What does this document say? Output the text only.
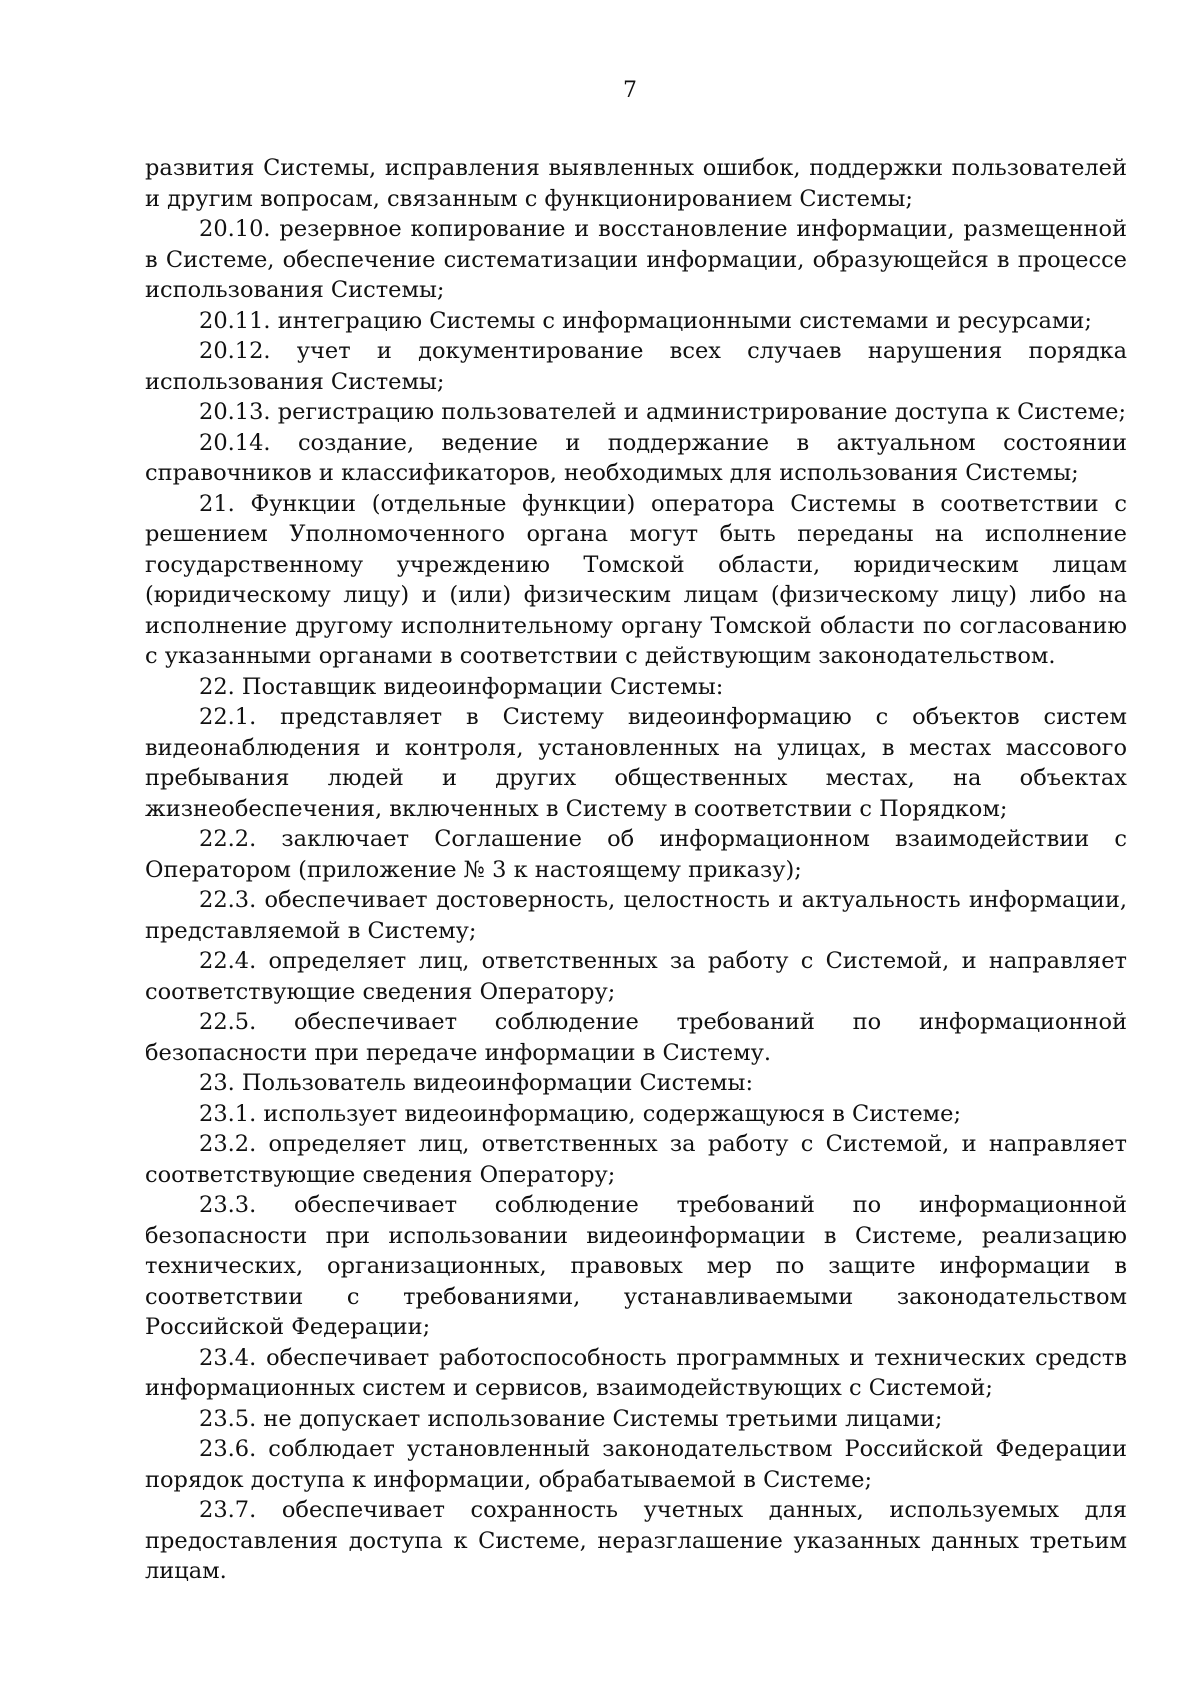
7

развития Системы, исправления выявленных ошибок, поддержки пользователей и другим вопросам, связанным с функционированием Системы;

20.10. резервное копирование и восстановление информации, размещенной в Системе, обеспечение систематизации информации, образующейся в процессе использования Системы;

20.11. интеграцию Системы с информационными системами и ресурсами;

20.12. учет и документирование всех случаев нарушения порядка использования Системы;

20.13. регистрацию пользователей и администрирование доступа к Системе;

20.14. создание, ведение и поддержание в актуальном состоянии справочников и классификаторов, необходимых для использования Системы;

21. Функции (отдельные функции) оператора Системы в соответствии с решением Уполномоченного органа могут быть переданы на исполнение государственному учреждению Томской области, юридическим лицам (юридическому лицу) и (или) физическим лицам (физическому лицу) либо на исполнение другому исполнительному органу Томской области по согласованию с указанными органами в соответствии с действующим законодательством.

22. Поставщик видеоинформации Системы:

22.1. представляет в Систему видеоинформацию с объектов систем видеонаблюдения и контроля, установленных на улицах, в местах массового пребывания людей и других общественных местах, на объектах жизнеобеспечения, включенных в Систему в соответствии с Порядком;

22.2. заключает Соглашение об информационном взаимодействии с Оператором (приложение № 3 к настоящему приказу);

22.3. обеспечивает достоверность, целостность и актуальность информации, представляемой в Систему;

22.4. определяет лиц, ответственных за работу с Системой, и направляет соответствующие сведения Оператору;

22.5. обеспечивает соблюдение требований по информационной безопасности при передаче информации в Систему.

23. Пользователь видеоинформации Системы:

23.1. использует видеоинформацию, содержащуюся в Системе;

23.2. определяет лиц, ответственных за работу с Системой, и направляет соответствующие сведения Оператору;

23.3. обеспечивает соблюдение требований по информационной безопасности при использовании видеоинформации в Системе, реализацию технических, организационных, правовых мер по защите информации в соответствии с требованиями, устанавливаемыми законодательством Российской Федерации;

23.4. обеспечивает работоспособность программных и технических средств информационных систем и сервисов, взаимодействующих с Системой;

23.5. не допускает использование Системы третьими лицами;

23.6. соблюдает установленный законодательством Российской Федерации порядок доступа к информации, обрабатываемой в Системе;

23.7. обеспечивает сохранность учетных данных, используемых для предоставления доступа к Системе, неразглашение указанных данных третьим лицам.
